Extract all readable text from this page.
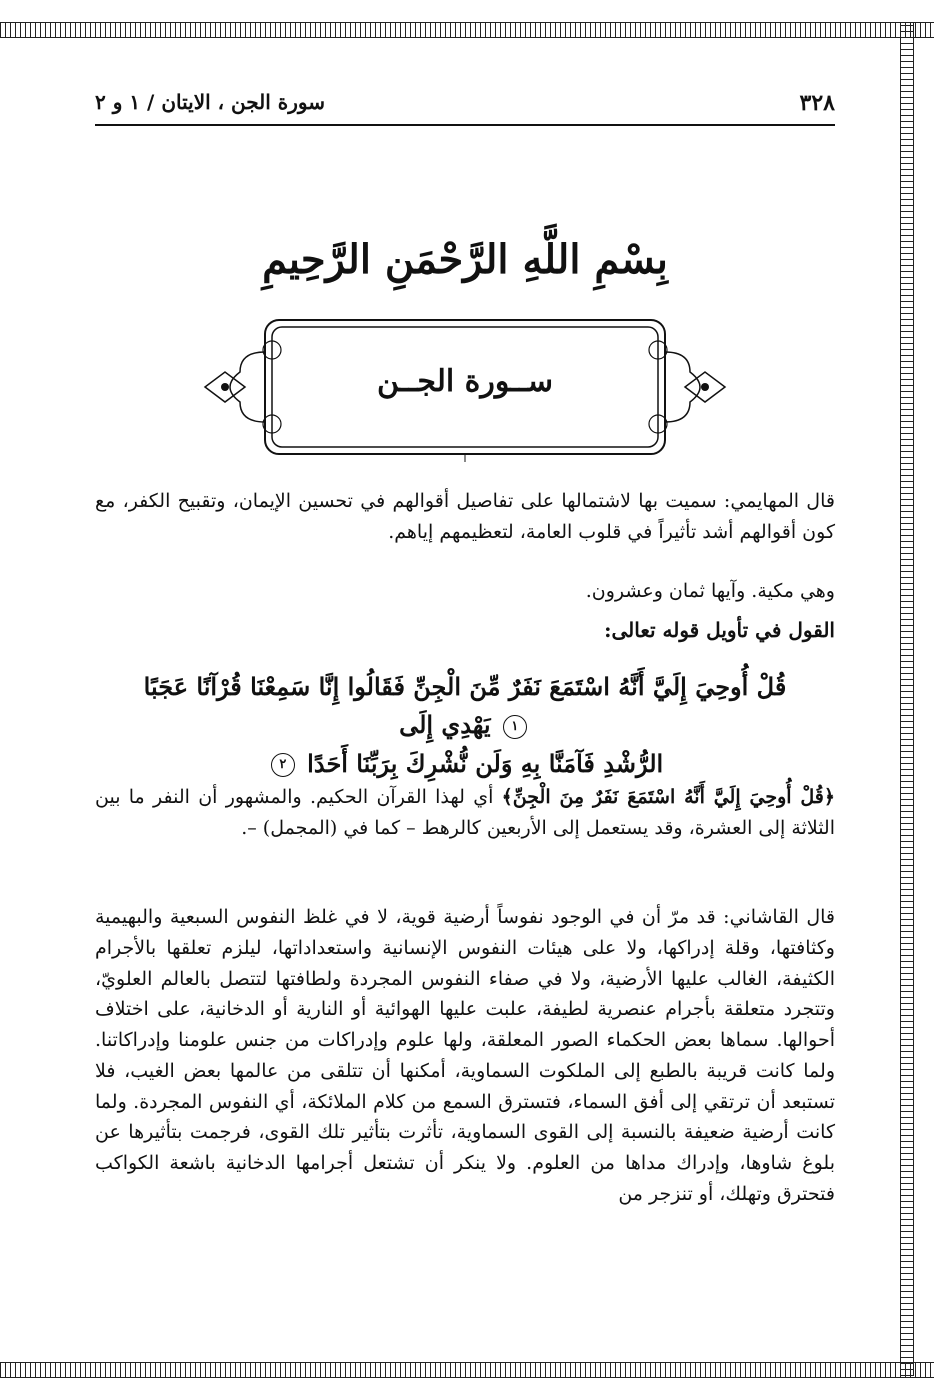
٣٢٨
سورة الجن ، الايتان / ١ و ٢
بِسْمِ اللَّهِ الرَّحْمَنِ الرَّحِيمِ
ســورة الجــن

قال المهايمي: سميت بها لاشتمالها على تفاصيل أقوالهم في تحسين الإيمان، وتقبيح الكفر، مع كون أقوالهم أشد تأثيراً في قلوب العامة، لتعظيمهم إياهم.

وهي مكية. وآيها ثمان وعشرون.

القول في تأويل قوله تعالى:
قُلْ أُوحِيَ إِلَيَّ أَنَّهُ اسْتَمَعَ نَفَرٌ مِّنَ الْجِنِّ فَقَالُوا إِنَّا سَمِعْنَا قُرْآنًا عَجَبًا ١ يَهْدِي إِلَى
الرُّشْدِ فَآمَنَّا بِهِ وَلَن نُّشْرِكَ بِرَبِّنَا أَحَدًا ٢

﴿قُلْ أُوحِيَ إِلَيَّ أَنَّهُ اسْتَمَعَ نَفَرٌ مِنَ الْجِنِّ﴾ أي لهذا القرآن الحكيم. والمشهور أن النفر ما بين الثلاثة إلى العشرة، وقد يستعمل إلى الأربعين كالرهط – كما في (المجمل) –.

قال القاشاني: قد مرّ أن في الوجود نفوساً أرضية قوية، لا في غلظ النفوس السبعية والبهيمية وكثافتها، وقلة إدراكها، ولا على هيئات النفوس الإنسانية واستعداداتها، ليلزم تعلقها بالأجرام الكثيفة، الغالب عليها الأرضية، ولا في صفاء النفوس المجردة ولطافتها لتتصل بالعالم العلويّ، وتتجرد متعلقة بأجرام عنصرية لطيفة، علبت عليها الهوائية أو النارية أو الدخانية، على اختلاف أحوالها. سماها بعض الحكماء الصور المعلقة، ولها علوم وإدراكات من جنس علومنا وإدراكاتنا. ولما كانت قريبة بالطبع إلى الملكوت السماوية، أمكنها أن تتلقى من عالمها بعض الغيب، فلا تستبعد أن ترتقي إلى أفق السماء، فتسترق السمع من كلام الملائكة، أي النفوس المجردة. ولما كانت أرضية ضعيفة بالنسبة إلى القوى السماوية، تأثرت بتأثير تلك القوى، فرجمت بتأثيرها عن بلوغ شاوها، وإدراك مداها من العلوم. ولا ينكر أن تشتعل أجرامها الدخانية باشعة الكواكب فتحترق وتهلك، أو تنزجر من
